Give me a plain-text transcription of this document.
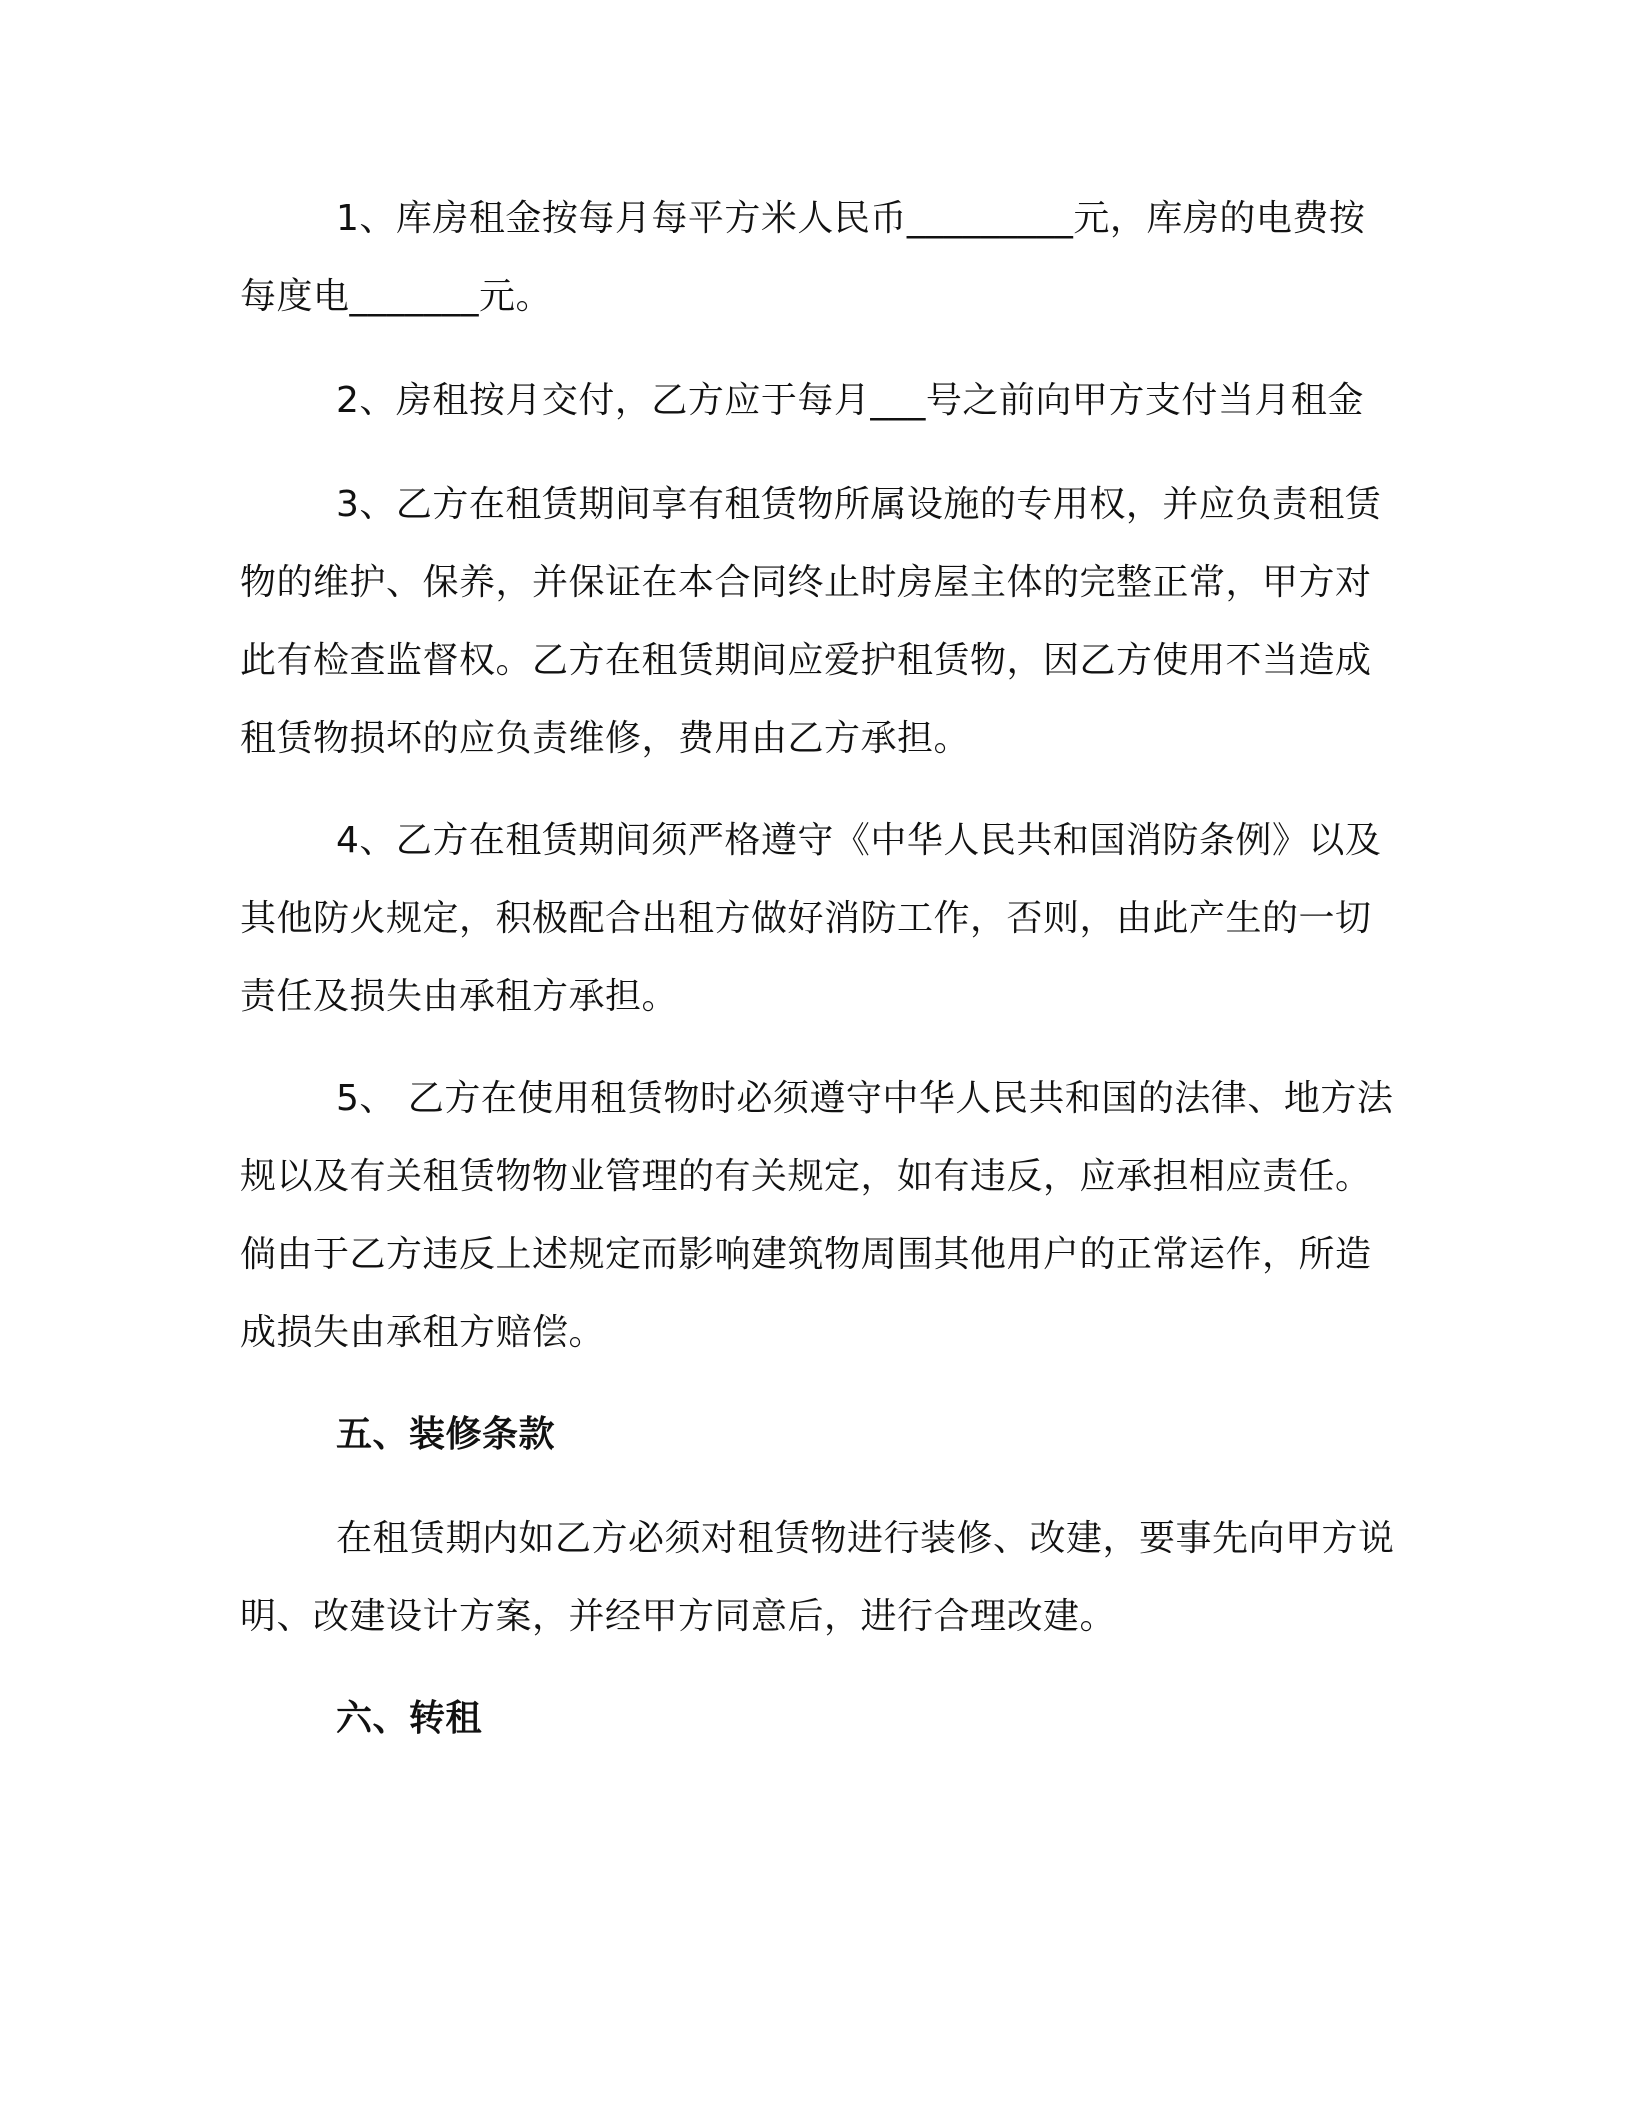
1、库房租金按每月每平方米人民币_________元，库房的电费按每度电_______元。

2、房租按月交付，乙方应于每月___号之前向甲方支付当月租金

3、乙方在租赁期间享有租赁物所属设施的专用权，并应负责租赁物的维护、保养，并保证在本合同终止时房屋主体的完整正常，甲方对此有检查监督权。乙方在租赁期间应爱护租赁物，因乙方使用不当造成租赁物损坏的应负责维修，费用由乙方承担。

4、乙方在租赁期间须严格遵守《中华人民共和国消防条例》以及其他防火规定，积极配合出租方做好消防工作，否则，由此产生的一切责任及损失由承租方承担。

5、 乙方在使用租赁物时必须遵守中华人民共和国的法律、地方法规以及有关租赁物物业管理的有关规定，如有违反，应承担相应责任。倘由于乙方违反上述规定而影响建筑物周围其他用户的正常运作，所造成损失由承租方赔偿。

五、装修条款

在租赁期内如乙方必须对租赁物进行装修、改建，要事先向甲方说明、改建设计方案，并经甲方同意后，进行合理改建。

六、转租
